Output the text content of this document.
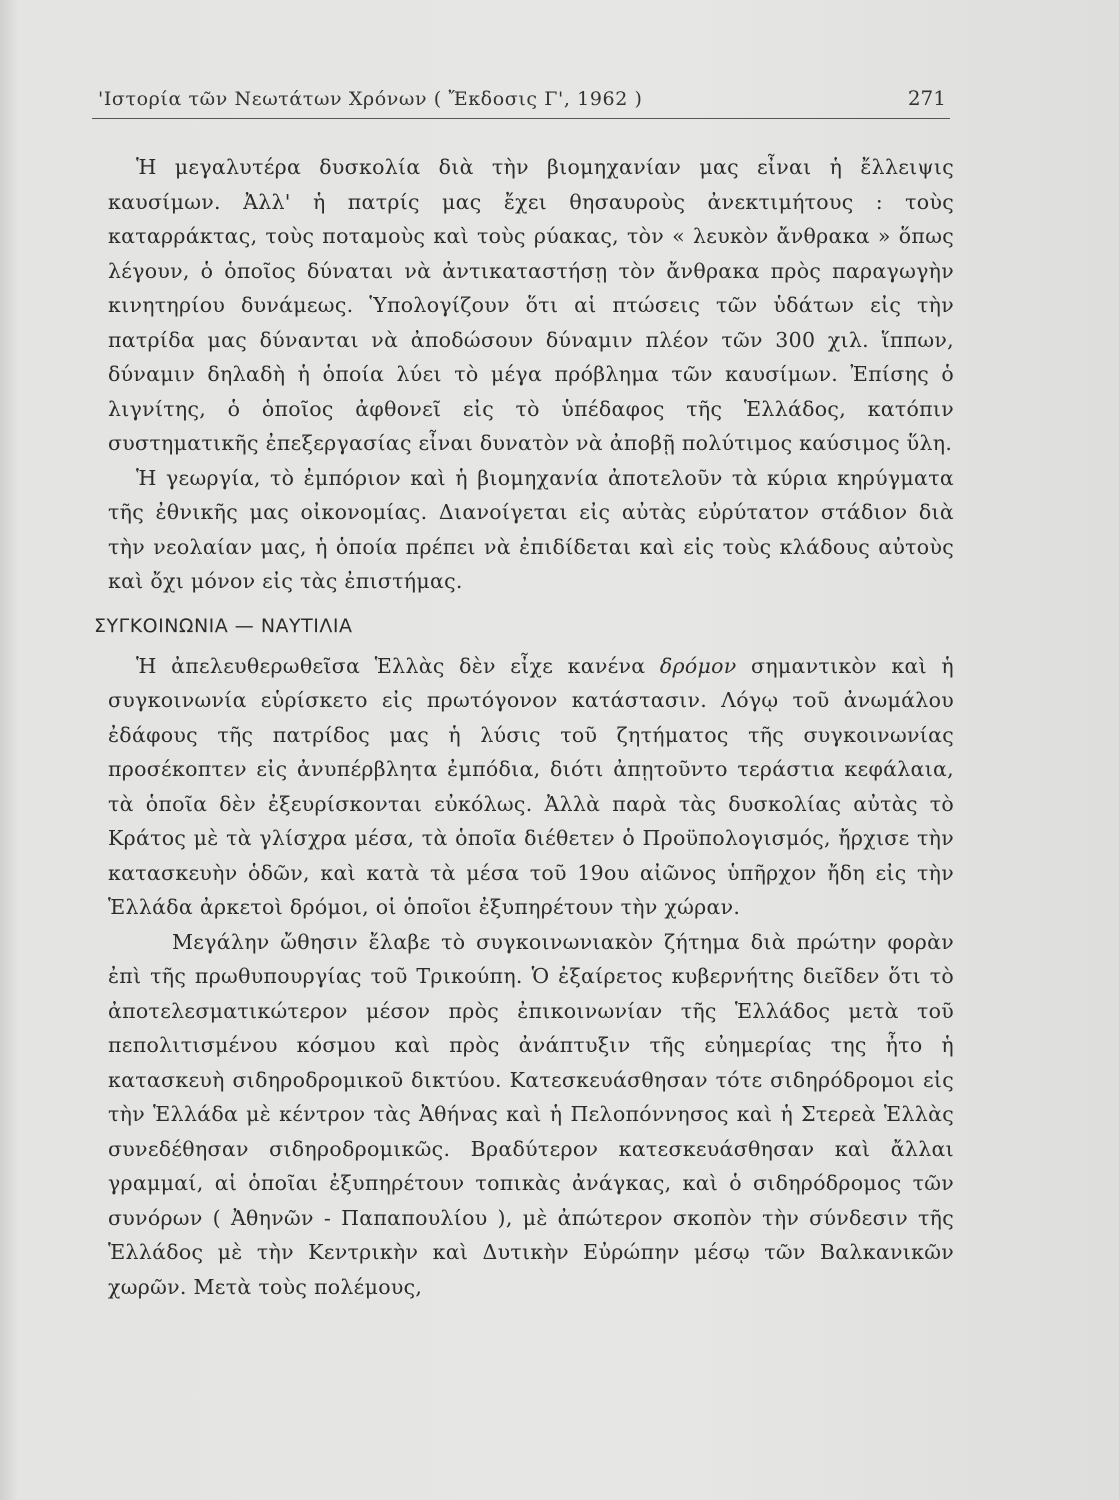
'Ιστορία τῶν Νεωτάτων Χρόνων ( Ἔκδοσις Γ', 1962 )	271

Ἡ μεγαλυτέρα δυσκολία διὰ τὴν βιομηχανίαν μας εἶναι ἡ ἔλλειψις καυσίμων. Ἀλλ' ἡ πατρίς μας ἔχει θησαυροὺς ἀνεκτιμήτους : τοὺς καταρράκτας, τοὺς ποταμοὺς καὶ τοὺς ρύακας, τὸν « λευκὸν ἄνθρακα » ὅπως λέγουν, ὁ ὁποῖος δύναται νὰ ἀντικαταστήσῃ τὸν ἄνθρακα πρὸς παραγωγὴν κινητηρίου δυνάμεως. Ὑπολογίζουν ὅτι αἱ πτώσεις τῶν ὑδάτων εἰς τὴν πατρίδα μας δύνανται νὰ ἀποδώσουν δύναμιν πλέον τῶν 300 χιλ. ἵππων, δύναμιν δηλαδὴ ἡ ὁποία λύει τὸ μέγα πρόβλημα τῶν καυσίμων. Ἐπίσης ὁ λιγνίτης, ὁ ὁποῖος ἀφθονεῖ εἰς τὸ ὑπέδαφος τῆς Ἑλλάδος, κατόπιν συστηματικῆς ἐπεξεργασίας εἶναι δυνατὸν νὰ ἀποβῇ πολύτιμος καύσιμος ὕλη.

Ἡ γεωργία, τὸ ἐμπόριον καὶ ἡ βιομηχανία ἀποτελοῦν τὰ κύρια κηρύγματα τῆς ἐθνικῆς μας οἰκονομίας. Διανοίγεται εἰς αὐτὰς εὐρύτατον στάδιον διὰ τὴν νεολαίαν μας, ἡ ὁποία πρέπει νὰ ἐπιδίδεται καὶ εἰς τοὺς κλάδους αὐτοὺς καὶ ὄχι μόνον εἰς τὰς ἐπιστήμας.

ΣΥΓΚΟΙΝΩΝΙΑ — ΝΑΥΤΙΛΙΑ

Ἡ ἀπελευθερωθεῖσα Ἑλλὰς δὲν εἶχε κανένα δρόμον σημαντικὸν καὶ ἡ συγκοινωνία εὑρίσκετο εἰς πρωτόγονον κατάστασιν. Λόγῳ τοῦ ἀνωμάλου ἐδάφους τῆς πατρίδος μας ἡ λύσις τοῦ ζητήματος τῆς συγκοινωνίας προσέκοπτεν εἰς ἀνυπέρβλητα ἐμπόδια, διότι ἀπῃτοῦντο τεράστια κεφάλαια, τὰ ὁποῖα δὲν ἐξευρίσκονται εὐκόλως. Ἀλλὰ παρὰ τὰς δυσκολίας αὐτὰς τὸ Κράτος μὲ τὰ γλίσχρα μέσα, τὰ ὁποῖα διέθετεν ὁ Προϋπολογισμός, ἤρχισε τὴν κατασκευὴν ὁδῶν, καὶ κατὰ τὰ μέσα τοῦ 19ου αἰῶνος ὑπῆρχον ἤδη εἰς τὴν Ἑλλάδα ἀρκετοὶ δρόμοι, οἱ ὁποῖοι ἐξυπηρέτουν τὴν χώραν.

Μεγάλην ὤθησιν ἔλαβε τὸ συγκοινωνιακὸν ζήτημα διὰ πρώτην φορὰν ἐπὶ τῆς πρωθυπουργίας τοῦ Τρικούπη. Ὁ ἐξαίρετος κυβερνήτης διεῖδεν ὅτι τὸ ἀποτελεσματικώτερον μέσον πρὸς ἐπικοινωνίαν τῆς Ἑλλάδος μετὰ τοῦ πεπολιτισμένου κόσμου καὶ πρὸς ἀνάπτυξιν τῆς εὐημερίας της ἦτο ἡ κατασκευὴ σιδηροδρομικοῦ δικτύου. Κατεσκευάσθησαν τότε σιδηρόδρομοι εἰς τὴν Ἑλλάδα μὲ κέντρον τὰς Ἀθήνας καὶ ἡ Πελοπόννησος καὶ ἡ Στερεὰ Ἑλλὰς συνεδέθησαν σιδηροδρομικῶς. Βραδύτερον κατεσκευάσθησαν καὶ ἄλλαι γραμμαί, αἱ ὁποῖαι ἐξυπηρέτουν τοπικὰς ἀνάγκας, καὶ ὁ σιδηρόδρομος τῶν συνόρων ( Ἀθηνῶν - Παπαπουλίου ), μὲ ἀπώτερον σκοπὸν τὴν σύνδεσιν τῆς Ἑλλάδος μὲ τὴν Κεντρικὴν καὶ Δυτικὴν Εὐρώπην μέσῳ τῶν Βαλκανικῶν χωρῶν. Μετὰ τοὺς πολέμους,
